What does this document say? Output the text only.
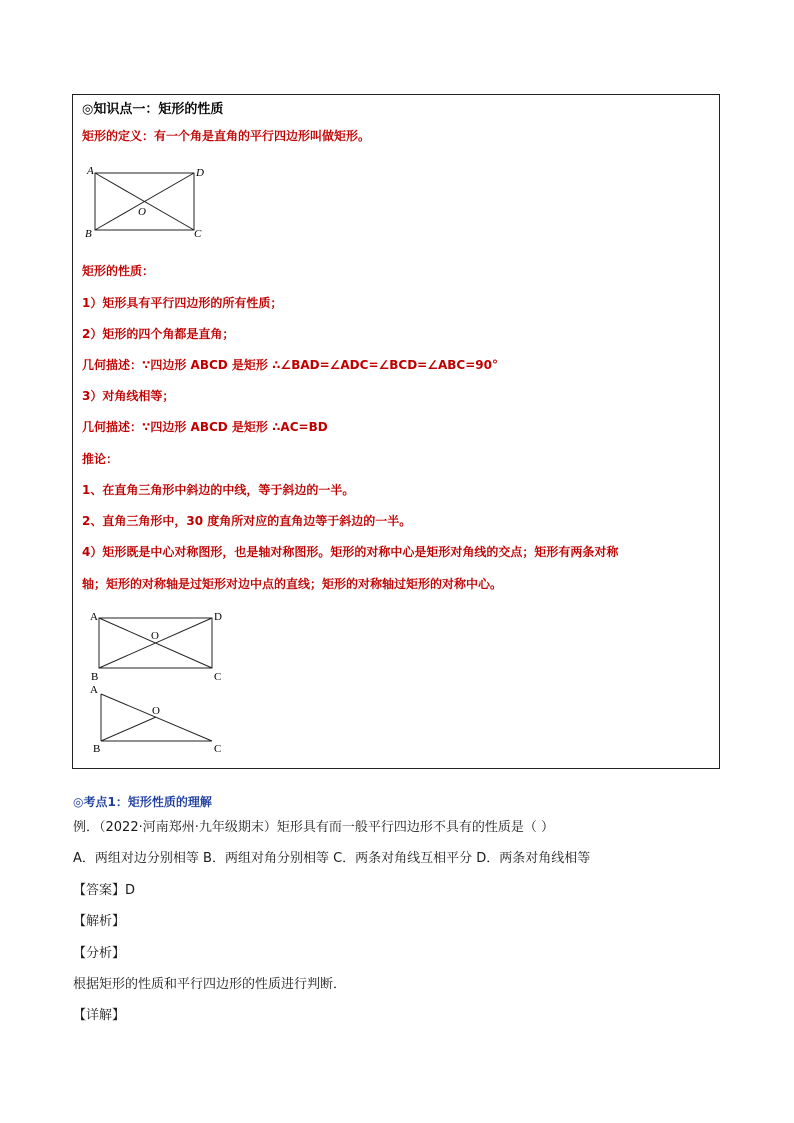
◎知识点一：矩形的性质
矩形的定义：有一个角是直角的平行四边形叫做矩形。
A	D
O
B	C
矩形的性质：
1）矩形具有平行四边形的所有性质；
2）矩形的四个角都是直角；
几何描述：∵四边形 ABCD 是矩形 ∴∠BAD=∠ADC=∠BCD=∠ABC=90°
3）对角线相等；
几何描述：∵四边形 ABCD 是矩形 ∴AC=BD
推论：
1、在直角三角形中斜边的中线，等于斜边的一半。
2、直角三角形中，30 度角所对应的直角边等于斜边的一半。
4）矩形既是中心对称图形，也是轴对称图形。矩形的对称中心是矩形对角线的交点；矩形有两条对称
轴；矩形的对称轴是过矩形对边中点的直线；矩形的对称轴过矩形的对称中心。
A	D
O
B	C
A
O
B	C
◎考点1：矩形性质的理解
例．（2022·河南郑州·九年级期末）矩形具有而一般平行四边形不具有的性质是（ ）
A．两组对边分别相等 B．两组对角分别相等 C．两条对角线互相平分 D．两条对角线相等
【答案】D
【解析】
【分析】
根据矩形的性质和平行四边形的性质进行判断．
【详解】
